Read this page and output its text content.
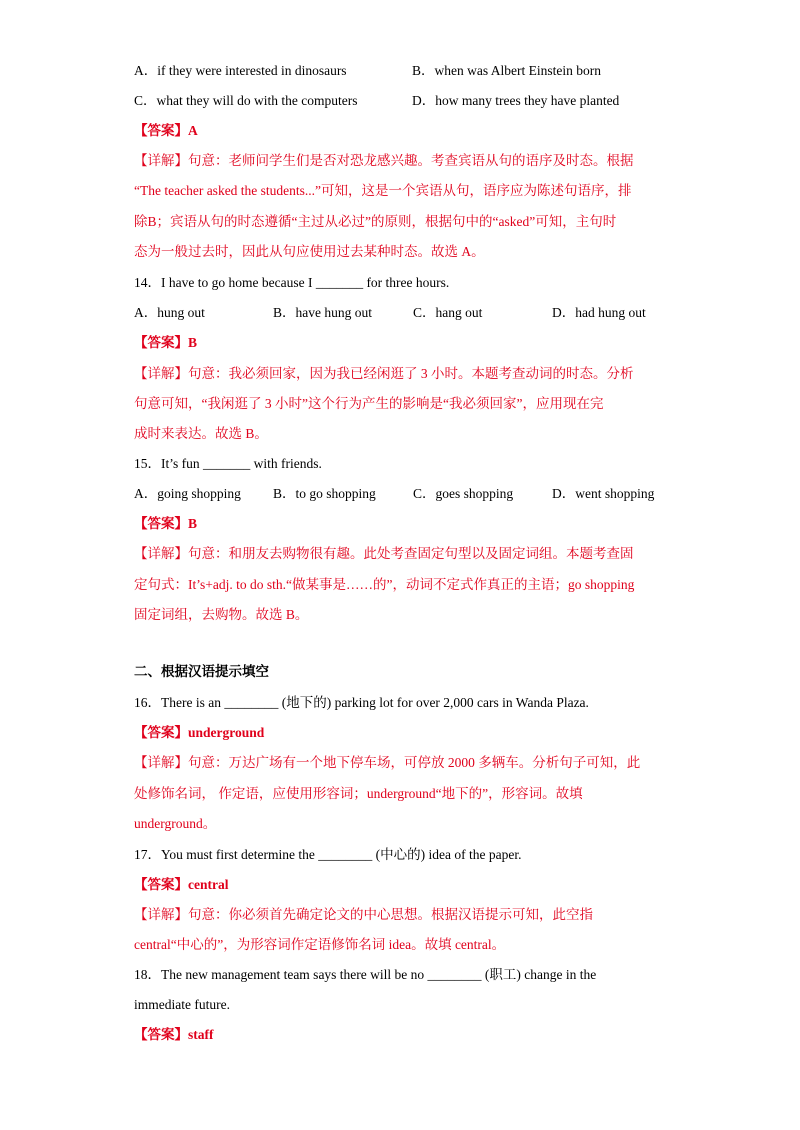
A．if they were interested in dinosaurs	B．when was Albert Einstein born
C．what they will do with the computers	D．how many trees they have planted
【答案】A
【详解】句意：老师问学生们是否对恐龙感兴趣。考查宾语从句的语序及时态。根据
“The teacher asked the students...”可知，这是一个宾语从句，语序应为陈述句语序，排
除B；宾语从句的时态遵循“主过从必过”的原则，根据句中的“asked”可知，主句时
态为一般过去时，因此从句应使用过去某种时态。故选 A。
14．I have to go home because I _______ for three hours.
A．hung out	B．have hung out	C．hang out	D．had hung out
【答案】B
【详解】句意：我必须回家，因为我已经闲逛了 3 小时。本题考查动词的时态。分析
句意可知，“我闲逛了 3 小时”这个行为产生的影响是“我必须回家”，应用现在完
成时来表达。故选 B。
15．It’s fun _______ with friends.
A．going shopping B．to go shopping	C．goes shopping	D．went shopping
【答案】B
【详解】句意：和朋友去购物很有趣。此处考查固定句型以及固定词组。本题考查固
定句式：It’s+adj. to do sth.“做某事是……的”，动词不定式作真正的主语；go shopping
固定词组，去购物。故选 B。
二、根据汉语提示填空
16．There is an ________ (地下的) parking lot for over 2,000 cars in Wanda Plaza.
【答案】underground
【详解】句意：万达广场有一个地下停车场，可停放 2000 多辆车。分析句子可知，此
处修饰名词， 作定语，应使用形容词；underground“地下的”，形容词。故填
underground。
17．You must first determine the ________ (中心的) idea of the paper.
【答案】central
【详解】句意：你必须首先确定论文的中心思想。根据汉语提示可知，此空指
central“中心的”，为形容词作定语修饰名词 idea。故填 central。
18．The new management team says there will be no ________ (职工) change in the
immediate future.
【答案】staff
